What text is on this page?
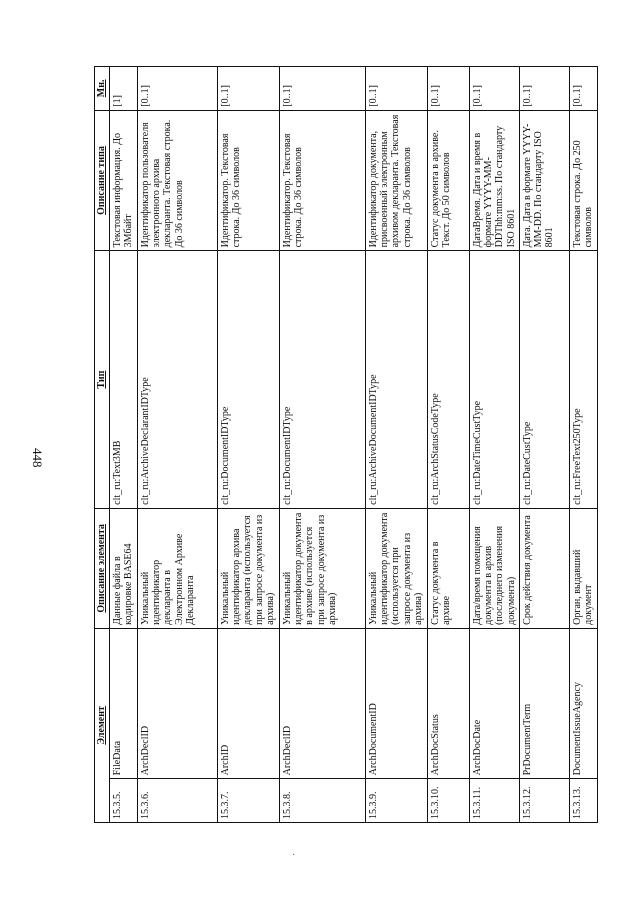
448
·
Элемент		Описание элемента	Тип	Описание типа	Мн.
15.3.5.	FileData	Данные файла в кодировке BASE64	clt_ru:Text3MB	Текстовая информация. До 3Мбайт	[1]
15.3.6.	ArchDeclID	Уникальный идентификатор декларанта в Электронном Архиве Декларанта	clt_ru:ArchiveDeclarantIDType	Идентификатор пользователя электронного архива декларанта. Текстовая строка. До 36 символов	[0..1]
15.3.7.	ArchID	Уникальный идентификатор архива декларанта (используется при запросе документа из архива)	clt_ru:DocumentIDType	Идентификатор. Текстовая строка. До 36 символов	[0..1]
15.3.8.	ArchDeclID	Уникальный идентификатор документа в архиве (используется при запросе документа из архива)	clt_ru:DocumentIDType	Идентификатор. Текстовая строка. До 36 символов	[0..1]
15.3.9.	ArchDocumentID	Уникальный идентификатор документа (используется при запросе документа из архива)	clt_ru:ArchiveDocumentIDType	Идентификатор документа, присвоенный электронным архивом декларанта. Текстовая строка. До 36 символов	[0..1]
15.3.10.	ArchDocStatus	Статус документа в архиве	clt_ru:ArchStatusCodeType	Статус документа в архиве. Текст. До 50 символов	[0..1]
15.3.11.	ArchDocDate	Дата/время помещения документа в архив (последнего изменения документа)	clt_ru:DateTimeCustType	ДатаВремя. Дата и время в формате YYYY-MM-DDThh:mm:ss. По стандарту ISO 8601	[0..1]
15.3.12.	PrDocumentTerm	Срок действия документа	clt_ru:DateCustType	Дата. Дата в формате YYYY-MM-DD. По стандарту ISO 8601	[0..1]
15.3.13.	DocumentIssueAgency	Орган, выдавший документ	clt_ru:FreeText250Type	Текстовая строка. До 250 символов	[0..1]
